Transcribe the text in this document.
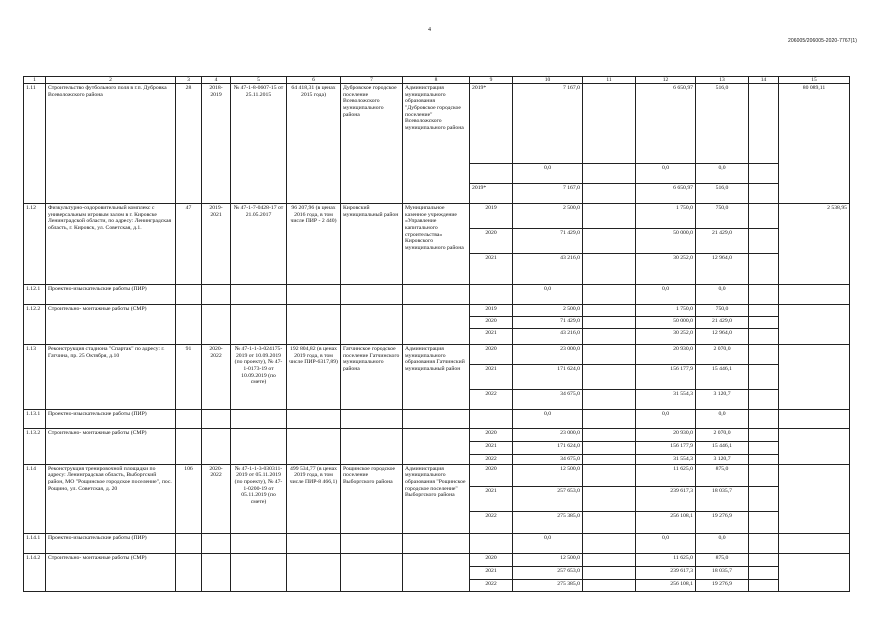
4
206005/206005-2020-7767(1)
1	2	3	4	5	6	7	8	9	10	11	12	13	14	15
1.11	Строительство футбольного поля в г.п. Дубровка Всеволожского района	28	2018-2019	№ 47-1-8-0607-15 от 25.11.2015	64 418,31 (в ценах 2015 года)	Дубровское городское поселение Всеволожского муниципального района	Администрация муниципального образования "Дубровское городское поселение" Всеволожского муниципального района	2019*	7 167,0		6 650,97	516,0		80 089,11
									0,0		0,0	0,0		
								2019*	7 167,0		6 650,97	516,0		
1.12	Физкультурно-оздоровительный комплекс с универсальным игровым залом в г. Кировске Ленинградской области, по адресу: Ленинградская область, г. Кировск, ул. Советская, д.1.	47	2019-2021	№ 47-1-7-0428-17 от 21.05.2017	96 207,96 (в ценах 2016 года, в том числе ПИР - 2 440)	Кировский муниципальный район	Муниципальное казенное учреждение «Управление капитального строительства» Кировского муниципального района	2019	2 500,0		1 750,0	750,0		2 538,95
								2020	71 429,0		50 000,0	21 429,0		
								2021	43 216,0		30 252,0	12 964,0		
1.12.1	Проектно-изыскательские работы (ПИР)								0,0		0,0	0,0		
1.12.2	Строительно- монтажные работы (СМР)							2019	2 500,0		1 750,0	750,0		
								2020	71 429,0		50 000,0	21 429,0		
								2021	43 216,0		30 252,0	12 964,0		
1.13	Реконструкция стадиона "Спартак" по адресу: г. Гатчина, пр. 25 Октября, д.10	91	2020-2022	№ 47-1-1-3-024175-2019 от 10.09.2019 (по проекту), № 47-1-0173-19 от 10.09.2019 (по смете)	192 804,82 (в ценах 2019 года, в том числе ПИР-6317,89)	Гатчинское городское поселение Гатчинского муниципального района	Администрация муниципального образования Гатчинский муниципальный район	2020	23 000,0		20 930,0	2 070,0		
								2021	171 624,0		156 177,9	15 446,1		
								2022	34 675,0		31 554,3	3 120,7		
1.13.1	Проектно-изыскательские работы (ПИР)								0,0		0,0	0,0		
1.13.2	Строительно- монтажные работы (СМР)							2020	23 000,0		20 930,0	2 070,0		
								2021	171 624,0		156 177,9	15 446,1		
								2022	34 675,0		31 554,3	3 120,7		
1.14	Реконструкция тренировочной площадки по адресу: Ленинградская область, Выборгский район, МО "Рощинское городское поселение", пос. Рощино, ул. Советская, д. 20	106	2020-2022	№ 47-1-1-3-030311-2019 от 05.11.2019 (по проекту), № 47-1-0200-19 от 05.11.2019 (по смете)	499 534,77 (в ценах 2019 года, в том числе ПИР-8 466,1)	Рощинское городское поселение Выборгского района	Администрация муниципального образования "Рощинское городское поселение" Выборгского района	2020	12 500,0		11 625,0	875,0		
								2021	257 653,0		239 617,3	18 035,7		
								2022	275 385,0		256 108,1	19 276,9		
1.14.1	Проектно-изыскательские работы (ПИР)								0,0		0,0	0,0		
1.14.2	Строительно- монтажные работы (СМР)							2020	12 500,0		11 625,0	875,0		
								2021	257 653,0		239 617,3	18 035,7		
								2022	275 385,0		256 108,1	19 276,9		
